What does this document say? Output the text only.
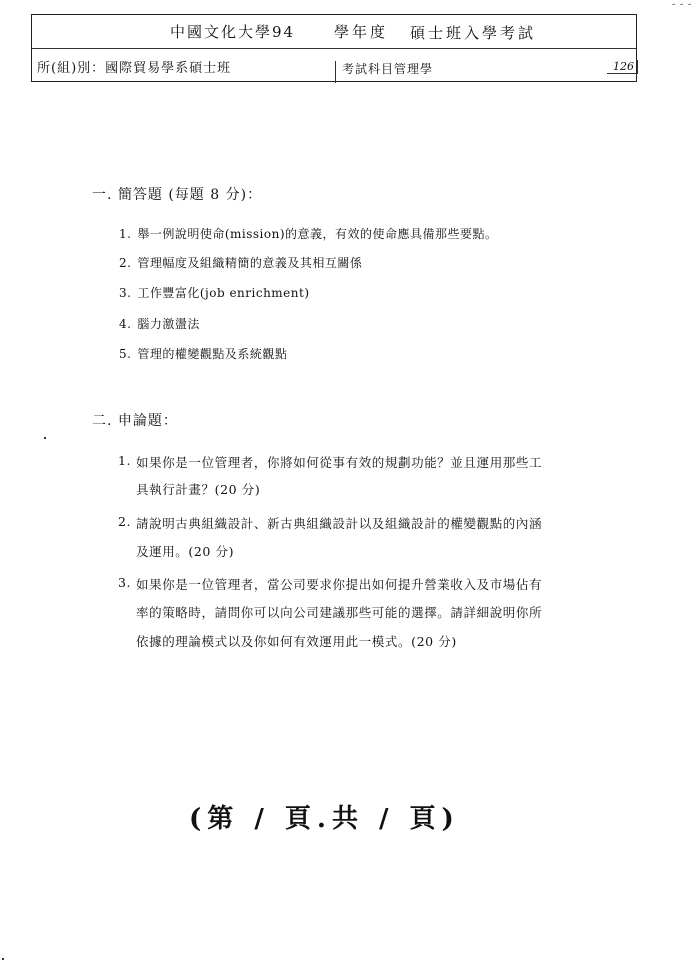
中國文化大學94	學年度 碩士班入學考試
所(組)別：國際貿易學系碩士班	考試科目管理學	126
- - -
一. 簡答題 (每題 8 分)：
1. 舉一例說明使命(mission)的意義，有效的使命應具備那些要點。
2. 管理幅度及組織精簡的意義及其相互關係
3. 工作豐富化(job enrichment)
4. 腦力激盪法
5. 管理的權變觀點及系統觀點
二. 申論題：
1. 如果你是一位管理者，你將如何從事有效的規劃功能？並且運用那些工
具執行計畫？(20 分)
2. 請說明古典組織設計、新古典組織設計以及組織設計的權變觀點的內涵
及運用。(20 分)
3. 如果你是一位管理者，當公司要求你提出如何提升營業收入及市場佔有
率的策略時，請問你可以向公司建議那些可能的選擇。請詳細說明你所
依據的理論模式以及你如何有效運用此一模式。(20 分)
(第 / 頁.共 / 頁)
